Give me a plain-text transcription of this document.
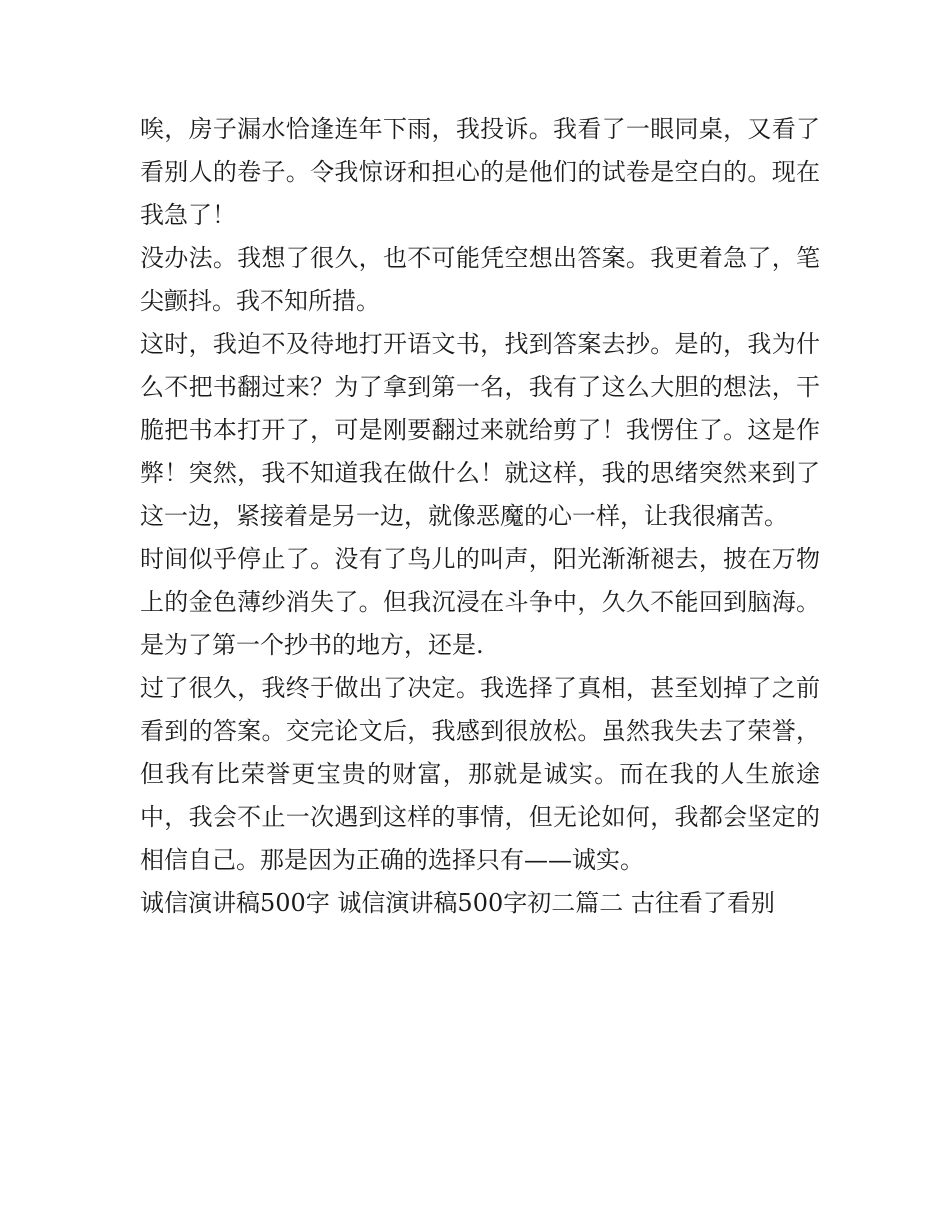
唉，房子漏水恰逢连年下雨，我投诉。我看了一眼同桌，又看了看别人的卷子。令我惊讶和担心的是他们的试卷是空白的。现在我急了！

没办法。我想了很久，也不可能凭空想出答案。我更着急了，笔尖颤抖。我不知所措。

这时，我迫不及待地打开语文书，找到答案去抄。是的，我为什么不把书翻过来？为了拿到第一名，我有了这么大胆的想法，干脆把书本打开了，可是刚要翻过来就给剪了！我愣住了。这是作弊！突然，我不知道我在做什么！就这样，我的思绪突然来到了这一边，紧接着是另一边，就像恶魔的心一样，让我很痛苦。

时间似乎停止了。没有了鸟儿的叫声，阳光渐渐褪去，披在万物上的金色薄纱消失了。但我沉浸在斗争中，久久不能回到脑海。是为了第一个抄书的地方，还是.

过了很久，我终于做出了决定。我选择了真相，甚至划掉了之前看到的答案。交完论文后，我感到很放松。虽然我失去了荣誉，但我有比荣誉更宝贵的财富，那就是诚实。而在我的人生旅途中，我会不止一次遇到这样的事情，但无论如何，我都会坚定的相信自己。那是因为正确的选择只有——诚实。

诚信演讲稿500字 诚信演讲稿500字初二篇二 古往看了看别
